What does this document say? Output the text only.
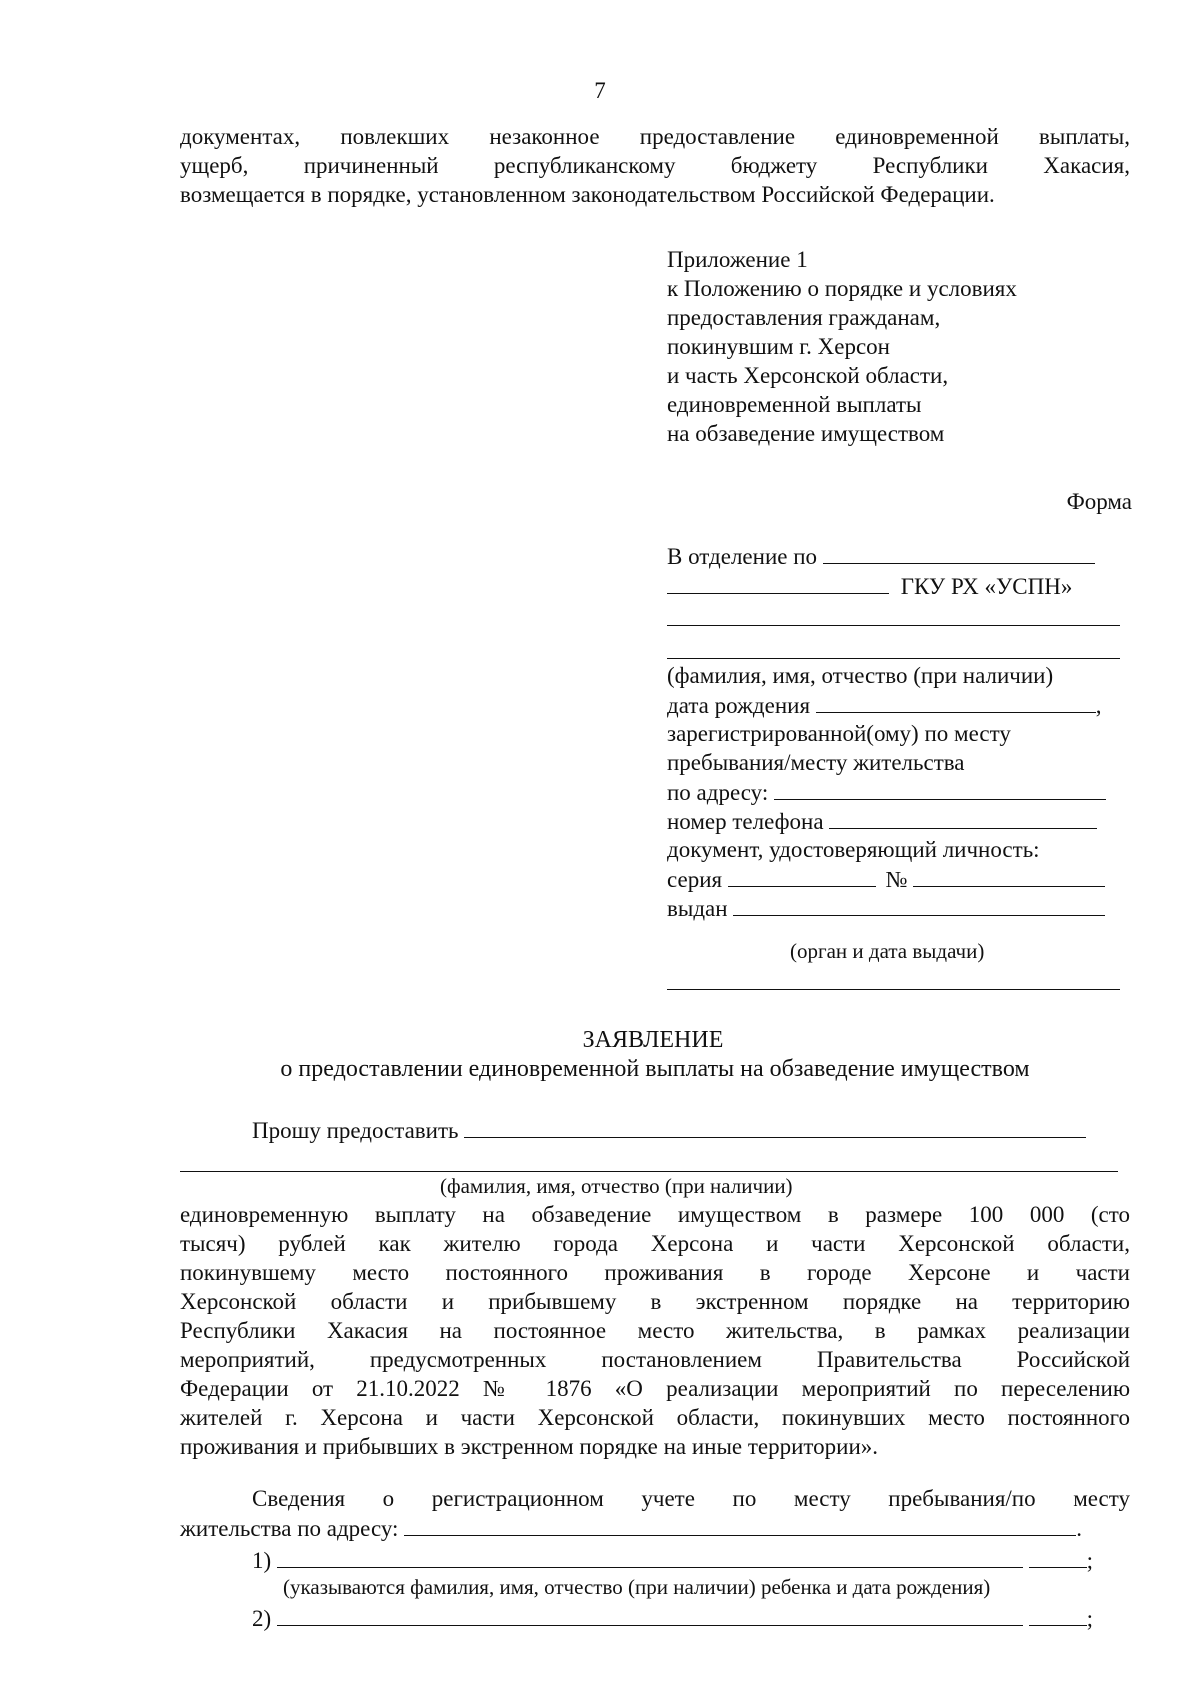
7
документах, повлекших незаконное предоставление единовременной выплаты,
ущерб, причиненный республиканскому бюджету Республики Хакасия,
возмещается в порядке, установленном законодательством Российской Федерации.
Приложение 1
к Положению о порядке и условиях
предоставления гражданам,
покинувшим г. Херсон
и часть Херсонской области,
единовременной выплаты
на обзаведение имуществом
Форма
В отделение по
ГКУ РХ «УСПН»
(фамилия, имя, отчество (при наличии)
дата рождения	,
зарегистрированной(ому) по месту
пребывания/месту жительства
по адресу:
номер телефона
документ, удостоверяющий личность:
серия	№
выдан
(орган и дата выдачи)
ЗАЯВЛЕНИЕ
о предоставлении единовременной выплаты на обзаведение имуществом
Прошу предоставить
(фамилия, имя, отчество (при наличии)
единовременную выплату на обзаведение имуществом в размере 100 000 (сто
тысяч) рублей как жителю города Херсона и части Херсонской области,
покинувшему место постоянного проживания в городе Херсоне и части
Херсонской области и прибывшему в экстренном порядке на территорию
Республики Хакасия на постоянное место жительства, в рамках реализации
мероприятий, предусмотренных постановлением Правительства Российской
Федерации от 21.10.2022 № 1876 «О реализации мероприятий по переселению
жителей г. Херсона и части Херсонской области, покинувших место постоянного
проживания и прибывших в экстренном порядке на иные территории».
Сведения о регистрационном учете по месту пребывания/по месту
жительства по адресу:	.
1)	;
(указываются фамилия, имя, отчество (при наличии) ребенка и дата рождения)
2)	;
